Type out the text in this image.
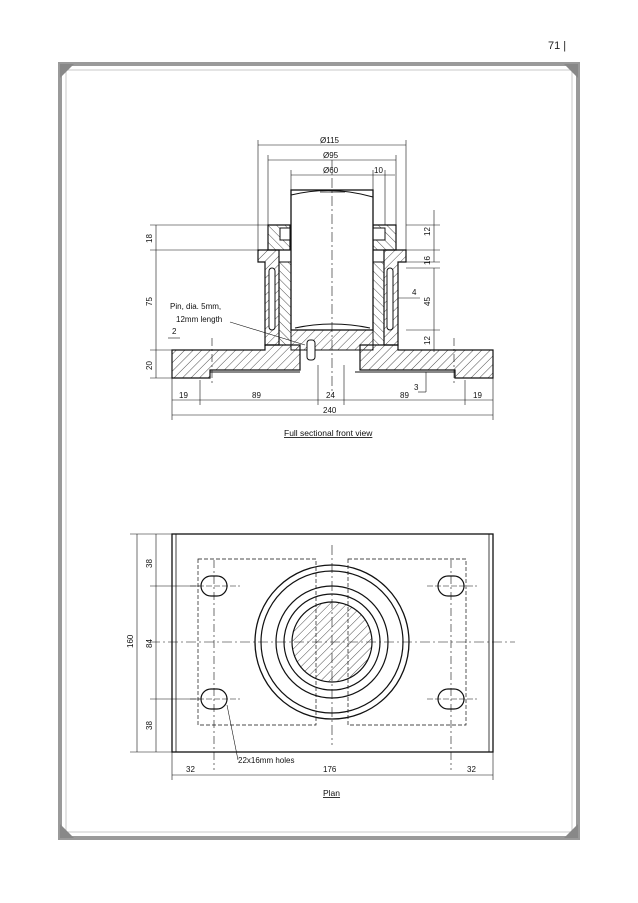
71 |
Ø115
Ø95
Ø60	10
12
16
4
45
12
18
75
20
2
3
19	89	24	89	19
240
Pin, dia. 5mm,
12mm length
Full sectional front view
38
84
38
160
32	176	32
22x16mm holes
Plan
